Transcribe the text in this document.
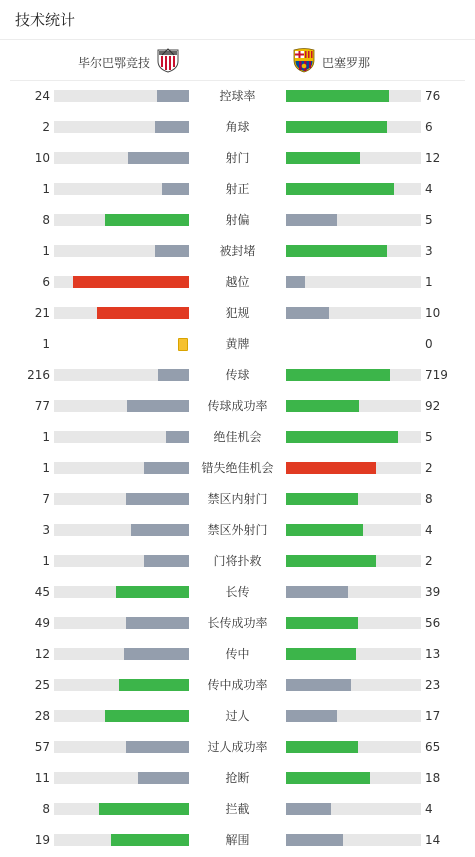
技术统计
毕尔巴鄂竞技	巴塞罗那
24	控球率	76
2	角球	6
10	射门	12
1	射正	4
8	射偏	5
1	被封堵	3
6	越位	1
21	犯规	10
1	黄牌	0
216	传球	719
77	传球成功率	92
1	绝佳机会	5
1	错失绝佳机会	2
7	禁区内射门	8
3	禁区外射门	4
1	门将扑救	2
45	长传	39
49	长传成功率	56
12	传中	13
25	传中成功率	23
28	过人	17
57	过人成功率	65
11	抢断	18
8	拦截	4
19	解围	14
